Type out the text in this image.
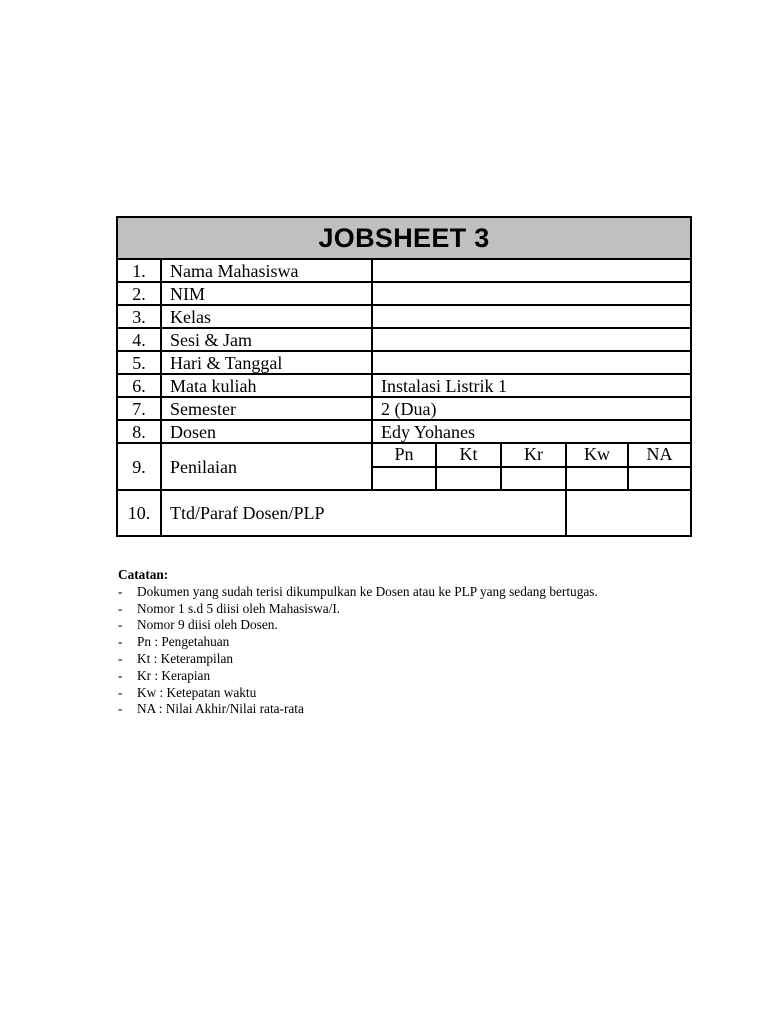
JOBSHEET 3						
1.	Nama Mahasiswa					
2.	NIM					
3.	Kelas					
4.	Sesi & Jam					
5.	Hari & Tanggal					
6.	Mata kuliah	Instalasi Listrik 1				
7.	Semester	2 (Dua)				
8.	Dosen	Edy Yohanes				
9.	Penilaian	Pn	Kt	Kr	Kw	NA

10.	Ttd/Paraf Dosen/PLP					
Catatan:
-	Dokumen yang sudah terisi dikumpulkan ke Dosen atau ke PLP yang sedang bertugas.
-	Nomor 1 s.d 5 diisi oleh Mahasiswa/I.
-	Nomor 9 diisi oleh Dosen.
-	Pn : Pengetahuan
-	Kt : Keterampilan
-	Kr : Kerapian
-	Kw : Ketepatan waktu
-	NA : Nilai Akhir/Nilai rata-rata
